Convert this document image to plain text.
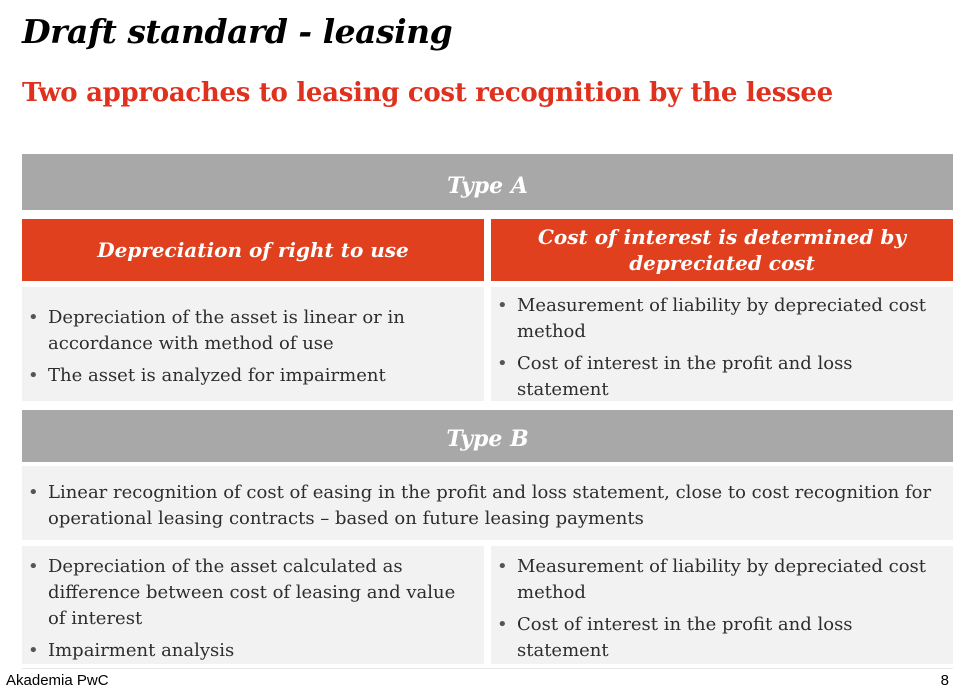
Draft standard - leasing
Two approaches to leasing cost recognition by the lessee
Type A
Depreciation of right to use
Cost of interest is determined by depreciated cost
• Depreciation of the asset is linear or in accordance with method of use
• The asset is analyzed for impairment
• Measurement of liability by depreciated cost method
• Cost of interest in the profit and loss statement
Type B
• Linear recognition of cost of easing in the profit and loss statement, close to cost recognition for operational leasing contracts – based on future leasing payments
• Depreciation of the asset calculated as difference between cost of leasing and value of interest
• Impairment analysis
• Measurement of liability by depreciated cost method
• Cost of interest in the profit and loss statement
Akademia PwC	8
